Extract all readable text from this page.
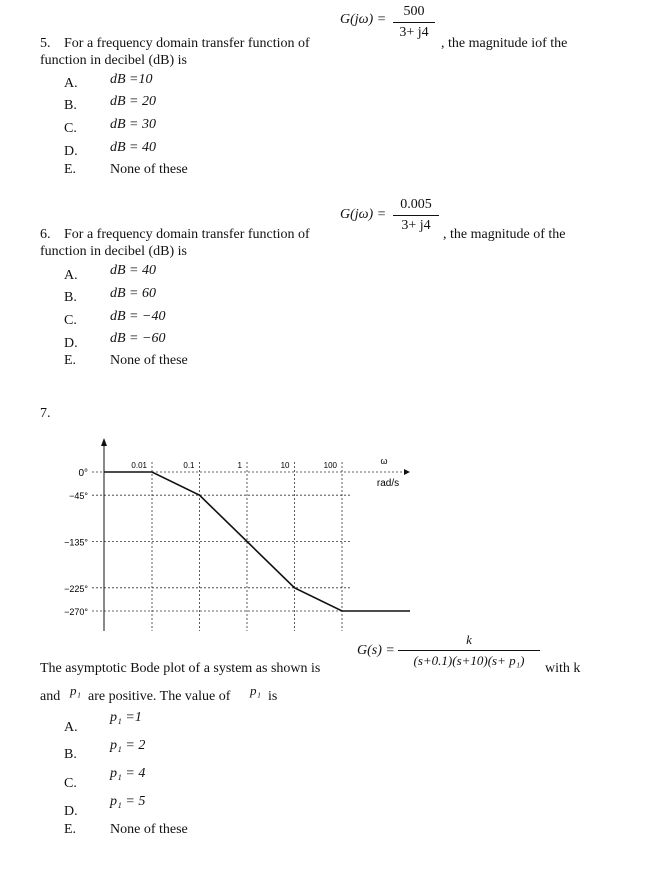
$G(j\omega) = \frac{500}{3+ j4}$
5. For a frequency domain transfer function of	, the magnitude iof the
function in decibel (dB) is
A. dB =10
B. dB = 20
C. dB = 30
D. dB = 40
E. None of these
$G(j\omega) = \frac{0.005}{3+ j4}$
6. For a frequency domain transfer function of	, the magnitude of the
function in decibel (dB) is
A. dB = 40
B. dB = 60
C. dB = −40
D. dB = −60
E. None of these
7.
0°
−45°
−135°
−225°
−270°
0.01	0.1	1	10	100	ω
rad/s
$G(s) = \frac{k}{\text{(s+0.1)(s+10)(s+ p₁)}}$ with k
The asymptotic Bode plot of a system as shown is
and p₁ are positive. The value of p₁ is
A.
p₁ =1
B.
p₁ = 2
C.
p₁ = 4
D.
p₁ = 5
E. None of these
